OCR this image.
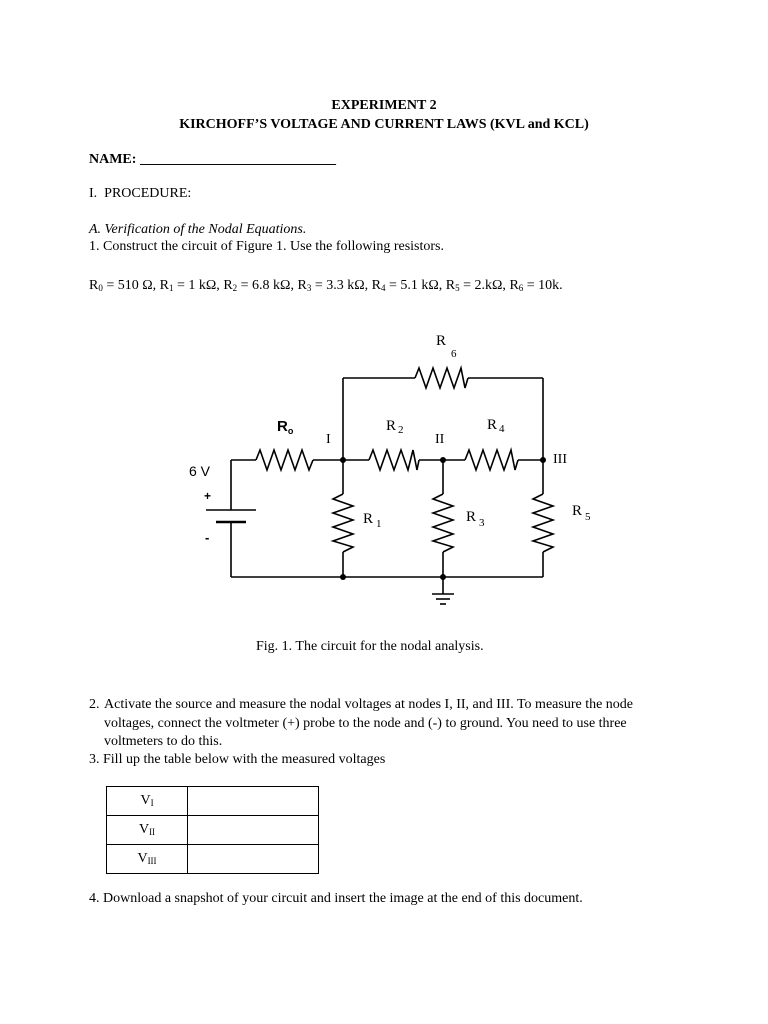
EXPERIMENT 2
KIRCHOFF’S VOLTAGE AND CURRENT LAWS (KVL and KCL)
NAME: ____________________________
I. PROCEDURE:
A. Verification of the Nodal Equations.
1. Construct the circuit of Figure 1. Use the following resistors.
$R_0 = 510$ Ω, $R_1 = 1$ kΩ, $R_2 = 6.8$ kΩ, $R_3 = 3.3$ kΩ, $R_4 = 5.1$ kΩ, $R_5 = 2.k\Omega$, $R_6 = 10k$.
6 V
+
-
$R_o$
I	II
III
R $_2$	R $_4$
R6
R $_1$	R $_3$
R $_5$
Fig. 1. The circuit for the nodal analysis.
2. Activate the source and measure the nodal voltages at nodes I, II, and III. To measure the node
voltages, connect the voltmeter (+) probe to the node and (-) to ground. You need to use three
voltmeters to do this.
3. Fill up the table below with the measured voltages
$V_I$	
$V_{II}$	
$V_{III}$	
4. Download a snapshot of your circuit and insert the image at the end of this document.
